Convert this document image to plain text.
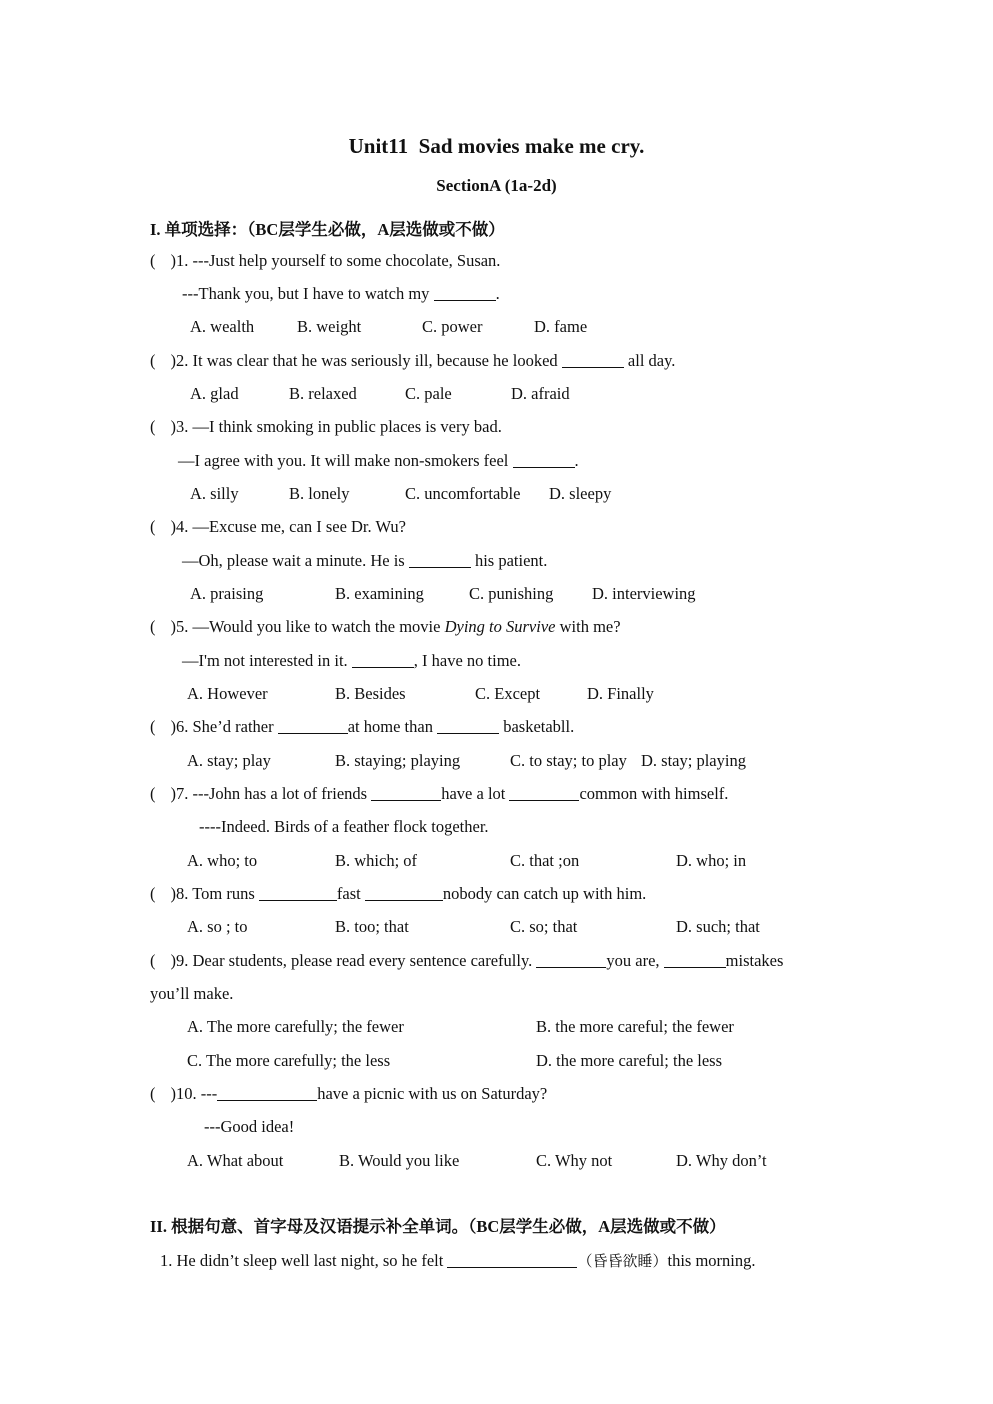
Unit11  Sad movies make me cry.
SectionA (1a-2d)
I. 单项选择：（BC层学生必做，A层选做或不做）
( )1. ---Just help yourself to some chocolate, Susan.
---Thank you, but I have to watch my	.
A. wealth	B. weight	C. power	D. fame
( )2. It was clear that he was seriously ill, because he looked	all day.
A. glad	B. relaxed	C. pale	D. afraid
( )3. —I think smoking in public places is very bad.
—I agree with you. It will make non-smokers feel	.
A. silly	B. lonely	C. uncomfortable D. sleepy
( )4. —Excuse me, can I see Dr. Wu?
—Oh, please wait a minute. He is	his patient.
A. praising	B. examining	C. punishing D. interviewing
( )5. —Would you like to watch the movie Dying to Survive with me?
—I'm not interested in it.	, I have no time.
A. However	B. Besides	C. Except	D. Finally
( )6. She’d rather	at home than	basketabll.
A. stay; play	B. staying; playing	C. to stay; to play D. stay; playing
( )7. ---John has a lot of friends	have a lot	common with himself.
----Indeed. Birds of a feather flock together.
A. who; to	B. which; of	C. that ;on	D. who; in
( )8. Tom runs	fast	nobody can catch up with him.
A. so ; to	B. too; that	C. so; that	D. such; that
( )9. Dear students, please read every sentence carefully.	you are,	mistakes
you’ll make.
A. The more carefully; the fewer	B. the more careful; the fewer
C. The more carefully; the less	D. the more careful; the less
( )10. ---	have a picnic with us on Saturday?
---Good idea!
A. What about	B. Would you like	C. Why not	D. Why don’t
II. 根据句意、首字母及汉语提示补全单词。（BC层学生必做，A层选做或不做）
1. He didn’t sleep well last night, so he felt	（昏昏欲睡）this morning.
